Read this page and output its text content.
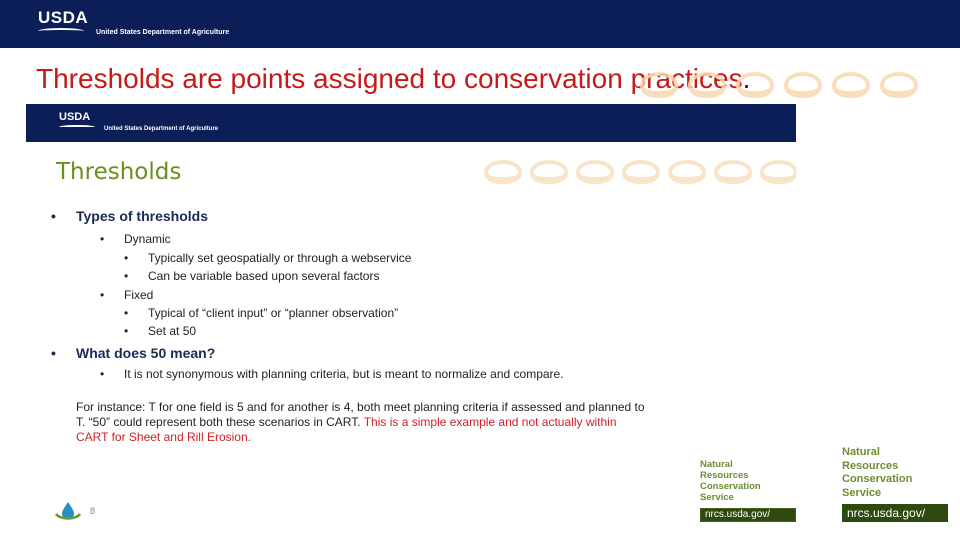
USDA
United States Department of Agriculture
Thresholds are points assigned to conservation practices.
USDA
United States Department of Agriculture
Thresholds
• Types of thresholds
• Dynamic
• Typically set geospatially or through a webservice
• Can be variable based upon several factors
• Fixed
• Typical of “client input” or “planner observation”
• Set at 50
• What does 50 mean?
• It is not synonymous with planning criteria, but is meant to normalize and compare.
For instance: T for one field is 5 and for another is 4, both meet planning criteria if assessed and planned to T. “50” could represent both these scenarios in CART. This is a simple example and not actually within CART for Sheet and Rill Erosion.
8
Natural
Resources
Conservation
Service
nrcs.usda.gov/
Natural
Resources
Conservation
Service
nrcs.usda.gov/
